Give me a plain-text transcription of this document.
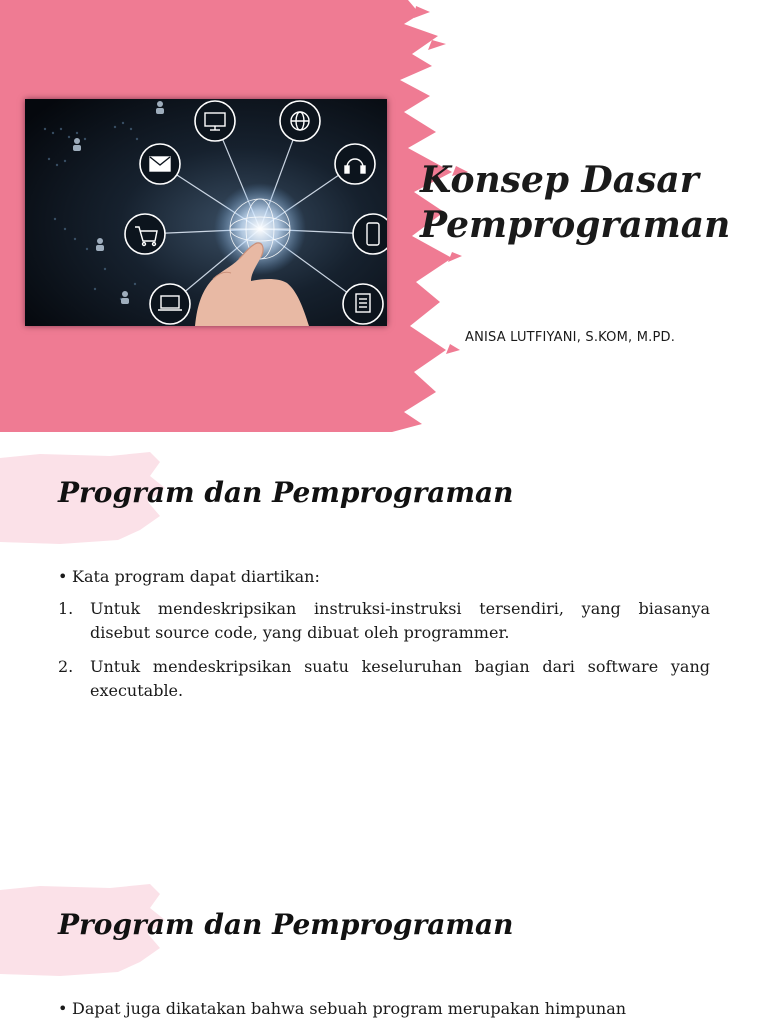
Konsep Dasar
Pemprograman
ANISA LUTFIYANI, S.KOM, M.PD.
Program dan Pemprograman

• Kata program dapat diartikan:

1.	Untuk mendeskripsikan instruksi-instruksi tersendiri, yang biasanya disebut source code, yang dibuat oleh programmer.
2.	Untuk mendeskripsikan suatu keseluruhan bagian dari software yang executable.
Program dan Pemprograman

• Dapat juga dikatakan bahwa sebuah program merupakan himpunan
